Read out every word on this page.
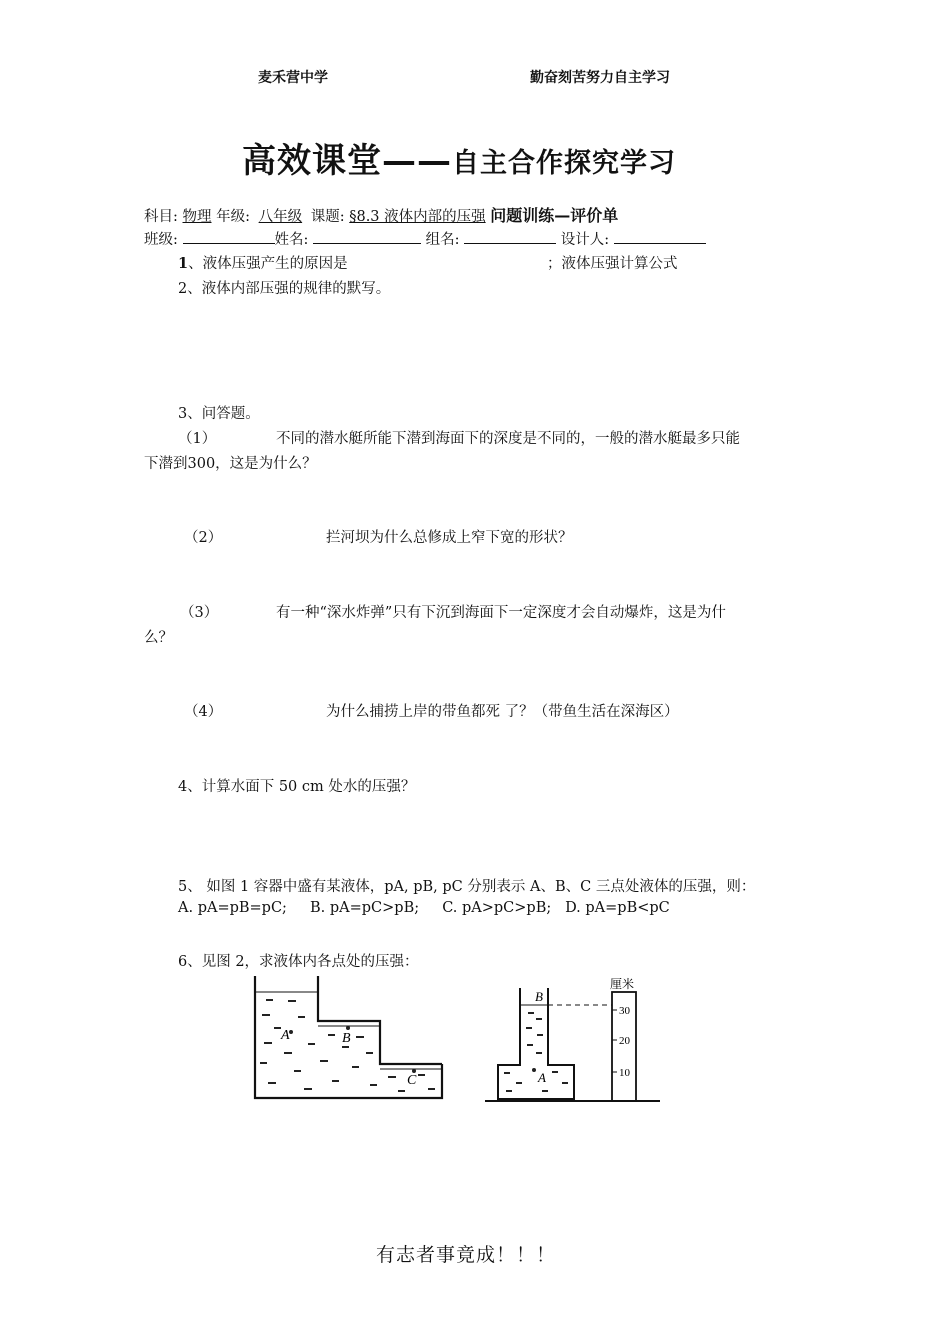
麦禾营中学	勤奋刻苦努力自主学习
高效课堂——自主合作探究学习
科目: 物理 年级: 八年级 课题: §8.3 液体内部的压强 问题训练—评价单
班级:	姓名:	组名:	设计人:
1、液体压强产生的原因是	；液体压强计算公式
2、液体内部压强的规律的默写。
3、问答题。
（1）	不同的潜水艇所能下潜到海面下的深度是不同的，一般的潜水艇最多只能
下潜到300，这是为什么？
（2）	拦河坝为什么总修成上窄下宽的形状？
（3）	有一种“深水炸弹”只有下沉到海面下一定深度才会自动爆炸，这是为什
么？
（4）	为什么捕捞上岸的带鱼都死 了？（带鱼生活在深海区）
4、计算水面下 50 cm 处水的压强？
5、 如图 1 容器中盛有某液体，pA, pB, pC 分别表示 A、B、C 三点处液体的压强，则：
A. pA=pB=pC; B. pA=pC>pB; C. pA>pC>pB; D. pA=pB<pC
6、见图 2，求液体内各点处的压强：
A	B
C
B
A
厘米
30
20
10
有志者事竟成！！！
